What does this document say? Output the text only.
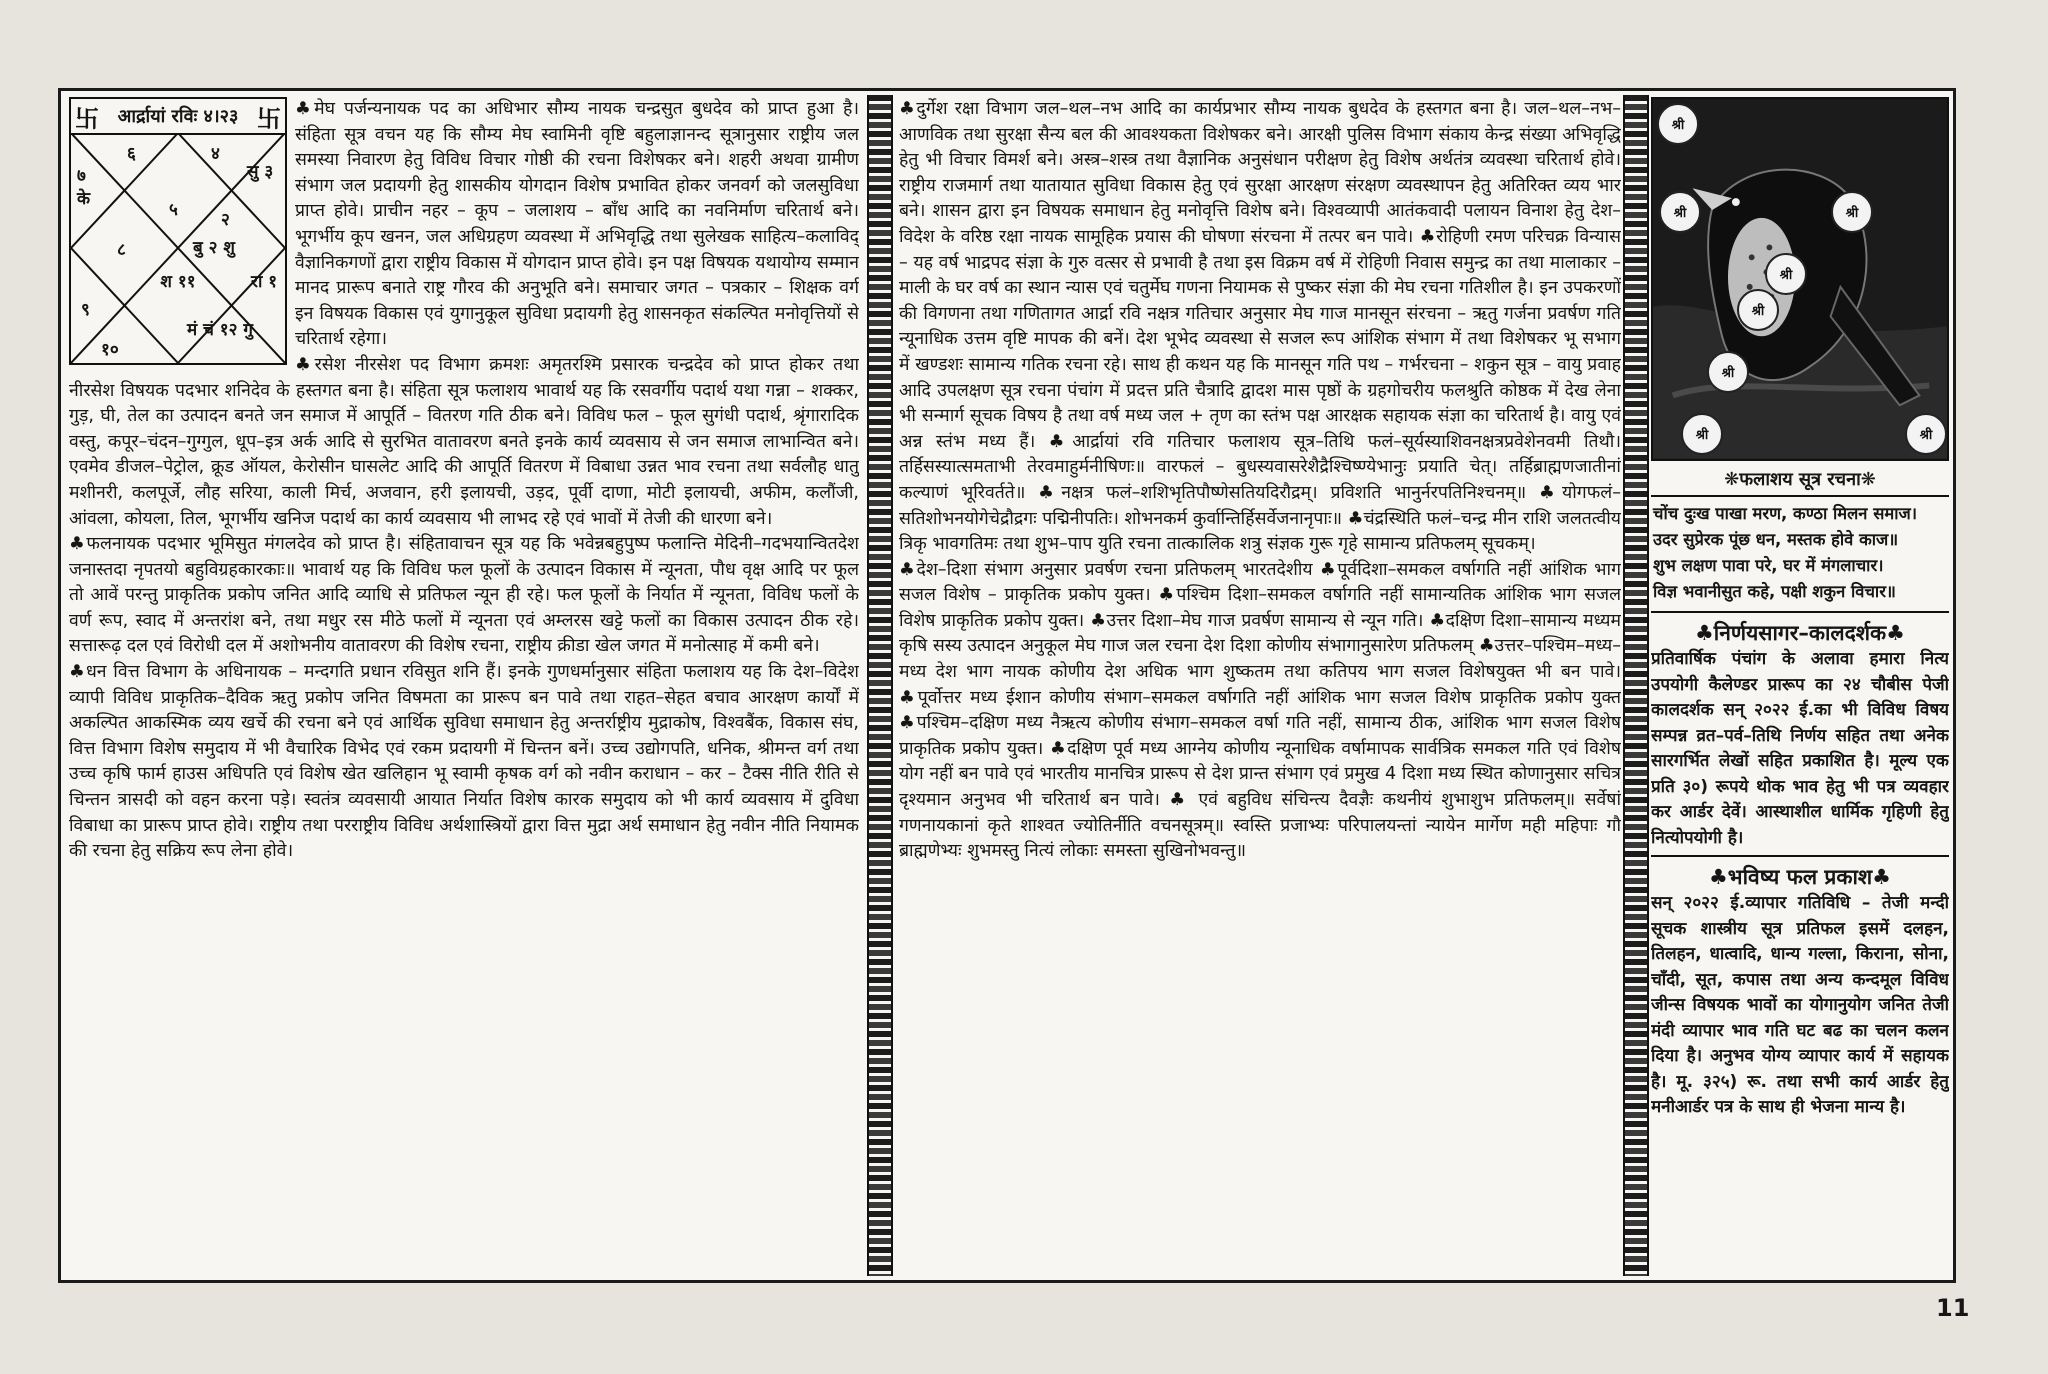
卐 आर्द्रायां रविः ४।२३ 卐
६	४
सु ३
७ के
५
८	बु २ शु
२
श ११	रा १
९
१०
मं चं १२ गु

♣मेघ पर्जन्यनायक पद का अधिभार सौम्य नायक चन्द्रसुत बुधदेव को प्राप्त हुआ है। संहिता सूत्र वचन यह कि सौम्य मेघ स्वामिनी वृष्टि बहुलाज्ञानन्द सूत्रानुसार राष्ट्रीय जल समस्या निवारण हेतु विविध विचार गोष्ठी की रचना विशेषकर बने। शहरी अथवा ग्रामीण संभाग जल प्रदायगी हेतु शासकीय योगदान विशेष प्रभावित होकर जनवर्ग को जलसुविधा प्राप्त होवे। प्राचीन नहर – कूप – जलाशय – बाँध आदि का नवनिर्माण चरितार्थ बने। भूगर्भीय कूप खनन, जल अधिग्रहण व्यवस्था में अभिवृद्धि तथा सुलेखक साहित्य–कलाविद् वैज्ञानिकगणों द्वारा राष्ट्रीय विकास में योगदान प्राप्त होवे। इन पक्ष विषयक यथायोग्य सम्मान मानद प्रारूप बनाते राष्ट्र गौरव की अनुभूति बने। समाचार जगत – पत्रकार – शिक्षक वर्ग इन विषयक विकास एवं युगानुकूल सुविधा प्रदायगी हेतु शासनकृत संकल्पित मनोवृत्तियों से चरितार्थ रहेगा।

♣रसेश नीरसेश पद विभाग क्रमशः अमृतरश्मि प्रसारक चन्द्रदेव को प्राप्त होकर तथा नीरसेश विषयक पदभार शनिदेव के हस्तगत बना है। संहिता सूत्र फलाशय भावार्थ यह कि रसवर्गीय पदार्थ यथा गन्ना – शक्कर, गुड़, घी, तेल का उत्पादन बनते जन समाज में आपूर्ति – वितरण गति ठीक बने। विविध फल – फूल सुगंधी पदार्थ, श्रृंगारादिक वस्तु, कपूर–चंदन–गुग्गुल, धूप–इत्र अर्क आदि से सुरभित वातावरण बनते इनके कार्य व्यवसाय से जन समाज लाभान्वित बने। एवमेव डीजल–पेट्रोल, क्रूड ऑयल, केरोसीन घासलेट आदि की आपूर्ति वितरण में विबाधा उन्नत भाव रचना तथा सर्वलौह धातु मशीनरी, कलपूर्जे, लौह सरिया, काली मिर्च, अजवान, हरी इलायची, उड़द, पूर्वी दाणा, मोटी इलायची, अफीम, कलौंजी, आंवला, कोयला, तिल, भूगर्भीय खनिज पदार्थ का कार्य व्यवसाय भी लाभद रहे एवं भावों में तेजी की धारणा बने।

♣फलनायक पदभार भूमिसुत मंगलदेव को प्राप्त है। संहितावाचन सूत्र यह कि भवेन्नबहुपुष्प फलान्ति मेदिनी–गदभयान्वितदेश जनास्तदा नृपतयो बहुविग्रहकारकाः॥ भावार्थ यह कि विविध फल फूलों के उत्पादन विकास में न्यूनता, पौध वृक्ष आदि पर फूल तो आवें परन्तु प्राकृतिक प्रकोप जनित आदि व्याधि से प्रतिफल न्यून ही रहे। फल फूलों के निर्यात में न्यूनता, विविध फलों के वर्ण रूप, स्वाद में अन्तरांश बने, तथा मधुर रस मीठे फलों में न्यूनता एवं अम्लरस खट्टे फलों का विकास उत्पादन ठीक रहे। सत्तारूढ़ दल एवं विरोधी दल में अशोभनीय वातावरण की विशेष रचना, राष्ट्रीय क्रीडा खेल जगत में मनोत्साह में कमी बने।

♣धन वित्त विभाग के अधिनायक – मन्दगति प्रधान रविसुत शनि हैं। इनके गुणधर्मानुसार संहिता फलाशय यह कि देश–विदेश व्यापी विविध प्राकृतिक–दैविक ऋतु प्रकोप जनित विषमता का प्रारूप बन पावे तथा राहत–सेहत बचाव आरक्षण कार्यों में अकल्पित आकस्मिक व्यय खर्चे की रचना बने एवं आर्थिक सुविधा समाधान हेतु अन्तर्राष्ट्रीय मुद्राकोष, विश्वबैंक, विकास संघ, वित्त विभाग विशेष समुदाय में भी वैचारिक विभेद एवं रकम प्रदायगी में चिन्तन बनें। उच्च उद्योगपति, धनिक, श्रीमन्त वर्ग तथा उच्च कृषि फार्म हाउस अधिपति एवं विशेष खेत खलिहान भू स्वामी कृषक वर्ग को नवीन कराधान – कर – टैक्स नीति रीति से चिन्तन त्रासदी को वहन करना पड़े। स्वतंत्र व्यवसायी आयात निर्यात विशेष कारक समुदाय को भी कार्य व्यवसाय में दुविधा विबाधा का प्रारूप प्राप्त होवे। राष्ट्रीय तथा परराष्ट्रीय विविध अर्थशास्त्रियों द्वारा वित्त मुद्रा अर्थ समाधान हेतु नवीन नीति नियामक की रचना हेतु सक्रिय रूप लेना होवे।

♣दुर्गेश रक्षा विभाग जल–थल–नभ आदि का कार्यप्रभार सौम्य नायक बुधदेव के हस्तगत बना है। जल–थल–नभ–आणविक तथा सुरक्षा सैन्य बल की आवश्यकता विशेषकर बने। आरक्षी पुलिस विभाग संकाय केन्द्र संख्या अभिवृद्धि हेतु भी विचार विमर्श बने। अस्त्र–शस्त्र तथा वैज्ञानिक अनुसंधान परीक्षण हेतु विशेष अर्थतंत्र व्यवस्था चरितार्थ होवे। राष्ट्रीय राजमार्ग तथा यातायात सुविधा विकास हेतु एवं सुरक्षा आरक्षण संरक्षण व्यवस्थापन हेतु अतिरिक्त व्यय भार बने। शासन द्वारा इन विषयक समाधान हेतु मनोवृत्ति विशेष बने। विश्वव्यापी आतंकवादी पलायन विनाश हेतु देश–विदेश के वरिष्ठ रक्षा नायक सामूहिक प्रयास की घोषणा संरचना में तत्पर बन पावे। ♣रोहिणी रमण परिचक्र विन्यास – यह वर्ष भाद्रपद संज्ञा के गुरु वत्सर से प्रभावी है तथा इस विक्रम वर्ष में रोहिणी निवास समुन्द्र का तथा मालाकार – माली के घर वर्ष का स्थान न्यास एवं चतुर्मेघ गणना नियामक से पुष्कर संज्ञा की मेघ रचना गतिशील है। इन उपकरणों की विगणना तथा गणितागत आर्द्रा रवि नक्षत्र गतिचार अनुसार मेघ गाज मानसून संरचना – ऋतु गर्जना प्रवर्षण गति न्यूनाधिक उत्तम वृष्टि मापक की बनें। देश भूभेद व्यवस्था से सजल रूप आंशिक संभाग में तथा विशेषकर भू सभाग में खण्डशः सामान्य गतिक रचना रहे। साथ ही कथन यह कि मानसून गति पथ – गर्भरचना – शकुन सूत्र – वायु प्रवाह आदि उपलक्षण सूत्र रचना पंचांग में प्रदत्त प्रति चैत्रादि द्वादश मास पृष्ठों के ग्रहगोचरीय फलश्रुति कोष्ठक में देख लेना भी सन्मार्ग सूचक विषय है तथा वर्ष मध्य जल + तृण का स्तंभ पक्ष आरक्षक सहायक संज्ञा का चरितार्थ है। वायु एवं अन्न स्तंभ मध्य हैं। ♣आर्द्रायां रवि गतिचार फलाशय सूत्र–तिथि फलं–सूर्यस्याशिवनक्षत्रप्रवेशेनवमी तिथौ। तर्हिसस्यात्समताभी तेरवमाहुर्मनीषिणः॥ वारफलं – बुधस्यवासरेशैद्रैश्चिष्ण्येभानुः प्रयाति चेत्। तर्हिब्राह्मणजातीनां कल्याणं भूरिवर्तते॥ ♣नक्षत्र फलं–शशिभृतिपौष्णेसतियदिरौद्रम्। प्रविशति भानुर्नरपतिनिश्चनम्॥ ♣योगफलं–सतिशोभनयोगेचेद्रौद्रगः पद्मिनीपतिः। शोभनकर्म कुर्वान्तिर्हिसर्वेजनानृपाः॥ ♣चंद्रस्थिति फलं–चन्द्र मीन राशि जलतत्वीय त्रिकृ भावगतिमः तथा शुभ–पाप युति रचना तात्कालिक शत्रु संज्ञक गुरू गृहे सामान्य प्रतिफलम् सूचकम्।

♣देश–दिशा संभाग अनुसार प्रवर्षण रचना प्रतिफलम् भारतदेशीय ♣पूर्वदिशा–समकल वर्षागति नहीं आंशिक भाग सजल विशेष – प्राकृतिक प्रकोप युक्त। ♣पश्चिम दिशा–समकल वर्षागति नहीं सामान्यतिक आंशिक भाग सजल विशेष प्राकृतिक प्रकोप युक्त। ♣उत्तर दिशा–मेघ गाज प्रवर्षण सामान्य से न्यून गति। ♣दक्षिण दिशा–सामान्य मध्यम कृषि सस्य उत्पादन अनुकूल मेघ गाज जल रचना देश दिशा कोणीय संभागानुसारेण प्रतिफलम् ♣उत्तर–पश्चिम–मध्य– मध्य देश भाग नायक कोणीय देश अधिक भाग शुष्कतम तथा कतिपय भाग सजल विशेषयुक्त भी बन पावे। ♣पूर्वोत्तर मध्य ईशान कोणीय संभाग–समकल वर्षागति नहीं आंशिक भाग सजल विशेष प्राकृतिक प्रकोप युक्त ♣पश्चिम–दक्षिण मध्य नैऋत्य कोणीय संभाग–समकल वर्षा गति नहीं, सामान्य ठीक, आंशिक भाग सजल विशेष प्राकृतिक प्रकोप युक्त। ♣दक्षिण पूर्व मध्य आग्नेय कोणीय न्यूनाधिक वर्षामापक सार्वत्रिक समकल गति एवं विशेष योग नहीं बन पावे एवं भारतीय मानचित्र प्रारूप से देश प्रान्त संभाग एवं प्रमुख 4 दिशा मध्य स्थित कोणानुसार सचित्र दृश्यमान अनुभव भी चरितार्थ बन पावे। ♣ एवं बहुविध संचिन्त्य दैवज्ञैः कथनीयं शुभाशुभ प्रतिफलम्॥ सर्वेषां गणनायकानां कृते शाश्वत ज्योतिर्नीति वचनसूत्रम्॥ स्वस्ति प्रजाभ्यः परिपालयन्तां न्यायेन मार्गेण मही महिपाः गौ ब्राह्मणेभ्यः शुभमस्तु नित्यं लोकाः समस्ता सुखिनोभवन्तु॥

श्री
श्री	श्री
श्री
श्री
श्री
श्री	श्री
❋फलाशय सूत्र रचना❋
चोंच दुःख पाखा मरण, कण्ठा मिलन समाज।
उदर सुप्रेरक पूंछ धन, मस्तक होवे काज॥
शुभ लक्षण पावा परे, घर में मंगलाचार।
विज्ञ भवानीसुत कहे, पक्षी शकुन विचार॥
♣निर्णयसागर–कालदर्शक♣

प्रतिवार्षिक पंचांग के अलावा हमारा नित्य उपयोगी कैलेण्डर प्रारूप का २४ चौबीस पेजी कालदर्शक सन् २०२२ ई.का भी विविध विषय सम्पन्न व्रत–पर्व–तिथि निर्णय सहित तथा अनेक सारगर्भित लेखों सहित प्रकाशित है। मूल्य एक प्रति ३०) रूपये थोक भाव हेतु भी पत्र व्यवहार कर आर्डर देवें। आस्थाशील धार्मिक गृहिणी हेतु नित्योपयोगी है।

♣भविष्य फल प्रकाश♣

सन् २०२२ ई.व्यापार गतिविधि – तेजी मन्दी सूचक शास्त्रीय सूत्र प्रतिफल इसमें दलहन, तिलहन, धात्वादि, धान्य गल्ला, किराना, सोना, चाँदी, सूत, कपास तथा अन्य कन्दमूल विविध जीन्स विषयक भावों का योगानुयोग जनित तेजी मंदी व्यापार भाव गति घट बढ का चलन कलन दिया है। अनुभव योग्य व्यापार कार्य में सहायक है। मू. ३२५) रू. तथा सभी कार्य आर्डर हेतु मनीआर्डर पत्र के साथ ही भेजना मान्य है।

11
